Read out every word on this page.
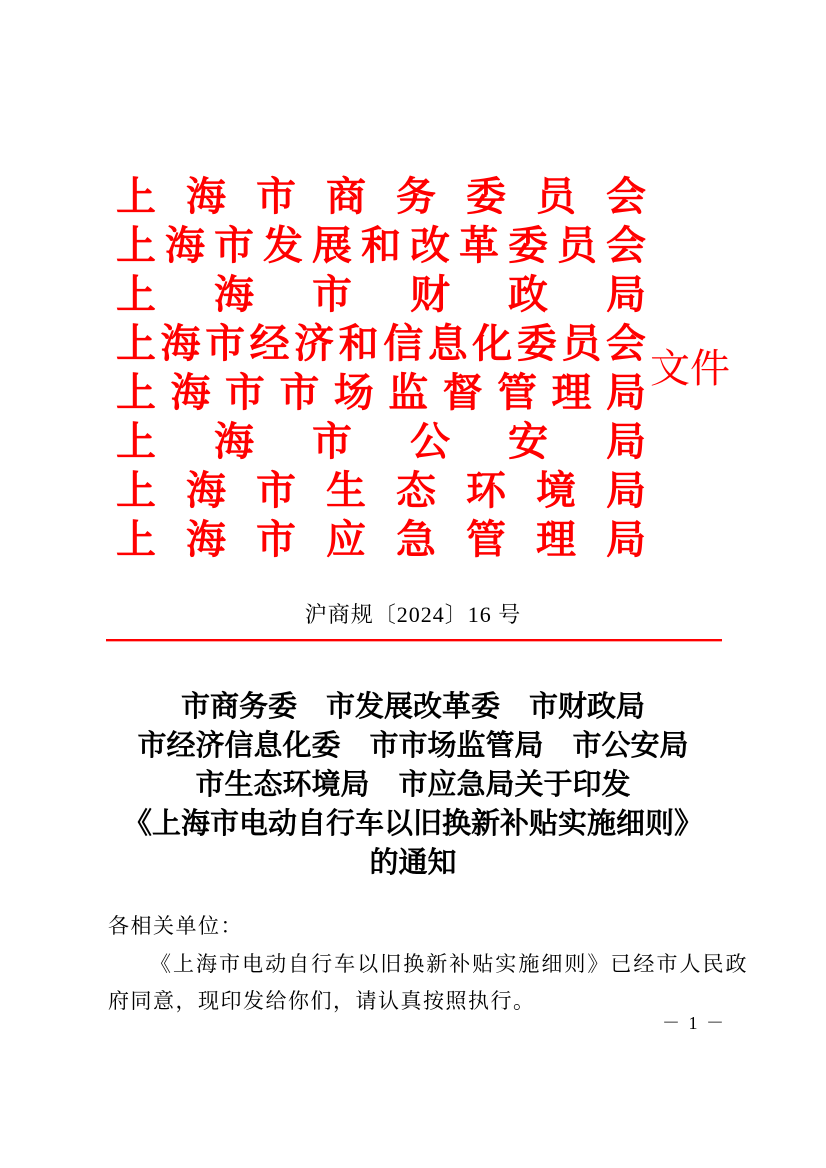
上 海 市 商 务 委 员 会
上 海 市 发 展 和 改 革 委 员 会
上 海 市 财 政 局
上 海 市 经 济 和 信 息 化 委 员 会
上 海 市 市 场 监 督 管 理 局
上 海 市 公 安 局
上 海 市 生 态 环 境 局
上 海 市 应 急 管 理 局
文件
沪商规〔2024〕16 号
市商务委　市发展改革委　市财政局
市经济信息化委　市市场监管局　市公安局
市生态环境局　市应急局关于印发
《上海市电动自行车以旧换新补贴实施细则》
的通知

各相关单位：

《上海市电动自行车以旧换新补贴实施细则》已经市人民政府同意，现印发给你们，请认真按照执行。

－ 1 －
